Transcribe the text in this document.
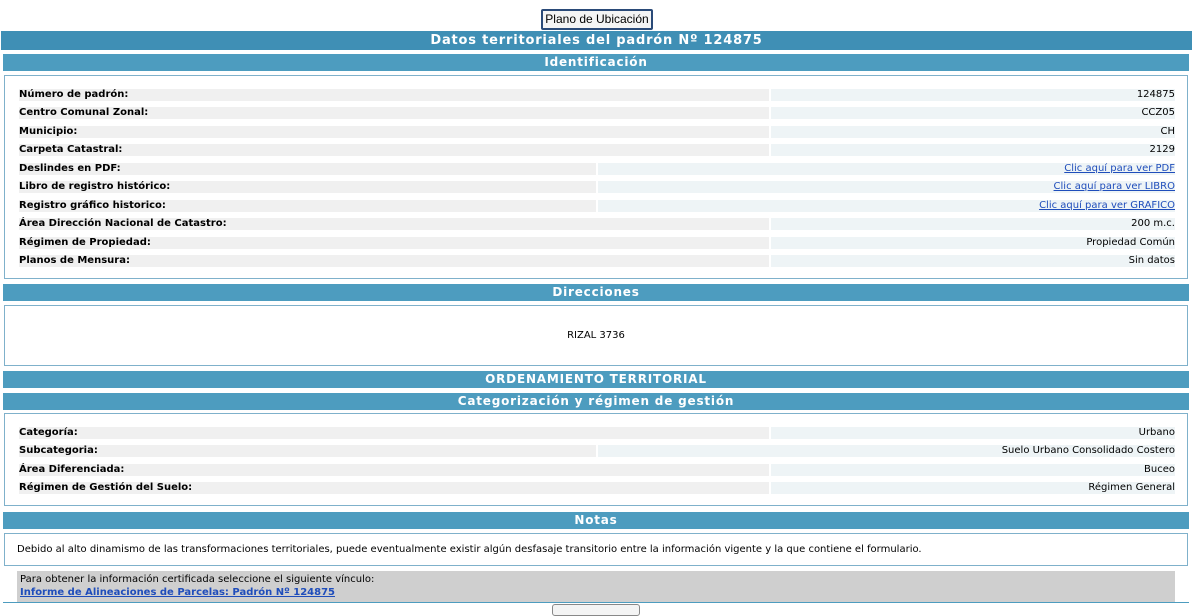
Plano de Ubicación
Datos territoriales del padrón Nº 124875
Identificación
Número de padrón:	124875
Centro Comunal Zonal:	CCZ05
Municipio:	CH
Carpeta Catastral:	2129
Deslindes en PDF:	Clic aquí para ver PDF
Libro de registro histórico:	Clic aquí para ver LIBRO
Registro gráfico historico:	Clic aquí para ver GRAFICO
Área Dirección Nacional de Catastro:	200 m.c.
Régimen de Propiedad:	Propiedad Común
Planos de Mensura:	Sin datos
Direcciones
RIZAL 3736
ORDENAMIENTO TERRITORIAL
Categorización y régimen de gestión
Categoría:	Urbano
Subcategoria:	Suelo Urbano Consolidado Costero
Área Diferenciada:	Buceo
Régimen de Gestión del Suelo:	Régimen General
Notas
Debido al alto dinamismo de las transformaciones territoriales, puede eventualmente existir algún desfasaje transitorio entre la información vigente y la que contiene el formulario.
Para obtener la información certificada seleccione el siguiente vínculo:
Informe de Alineaciones de Parcelas: Padrón Nº 124875
